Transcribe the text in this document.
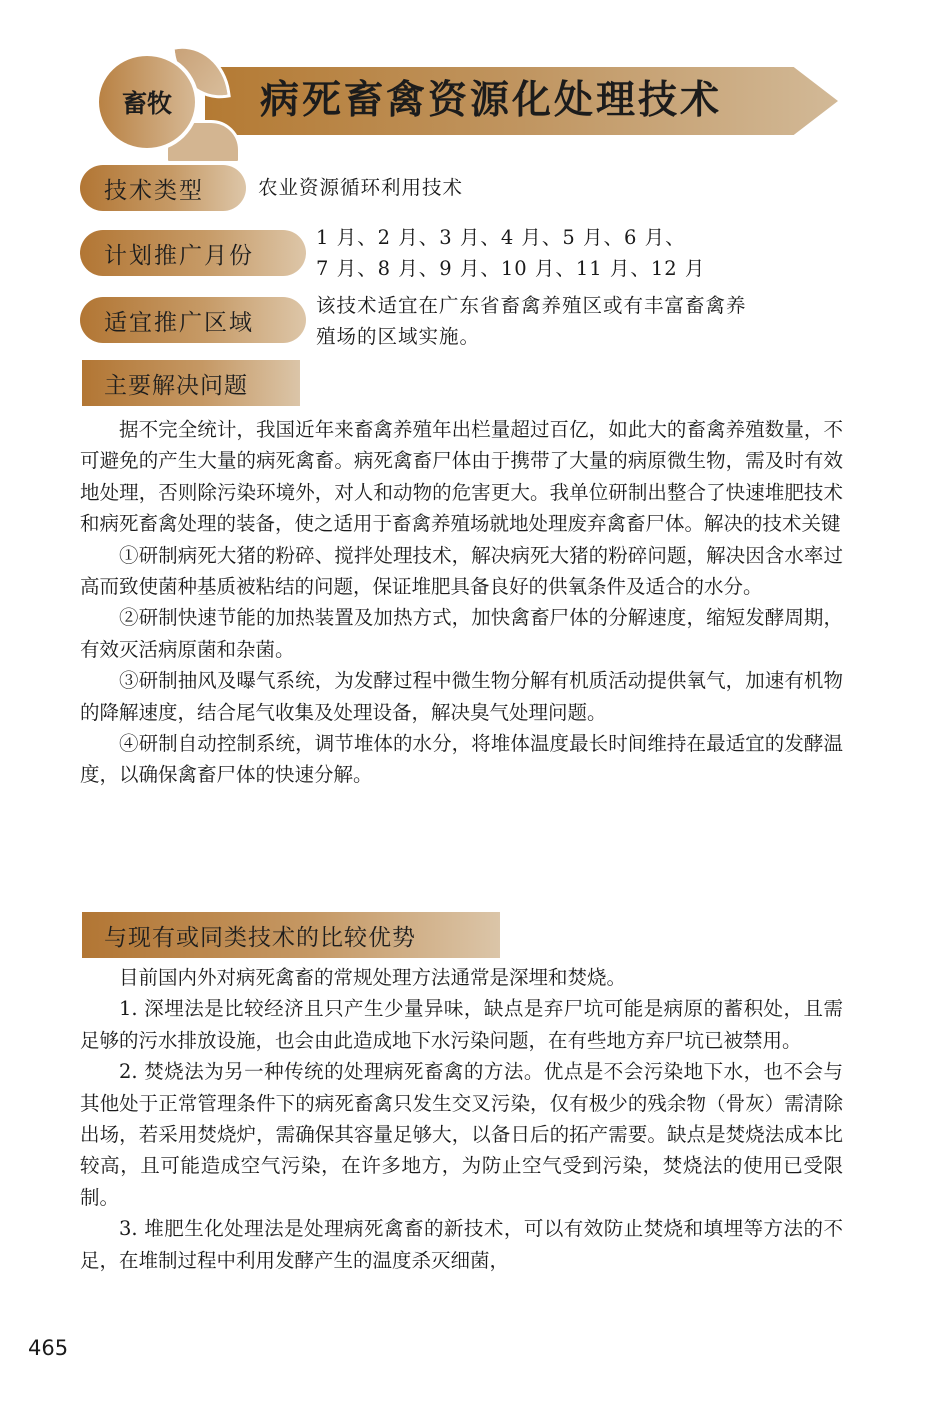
畜牧	病死畜禽资源化处理技术
技术类型	农业资源循环利用技术
计划推广月份
1 月、2 月、3 月、4 月、5 月、6 月、
7 月、8 月、9 月、10 月、11 月、12 月
适宜推广区域
该技术适宜在广东省畜禽养殖区或有丰富畜禽养
殖场的区域实施。
主要解决问题

据不完全统计，我国近年来畜禽养殖年出栏量超过百亿，如此大的畜禽养殖数量，不可避免的产生大量的病死禽畜。病死禽畜尸体由于携带了大量的病原微生物，需及时有效地处理，否则除污染环境外，对人和动物的危害更大。我单位研制出整合了快速堆肥技术和病死畜禽处理的装备，使之适用于畜禽养殖场就地处理废弃禽畜尸体。解决的技术关键

①研制病死大猪的粉碎、搅拌处理技术，解决病死大猪的粉碎问题，解决因含水率过高而致使菌种基质被粘结的问题，保证堆肥具备良好的供氧条件及适合的水分。

②研制快速节能的加热装置及加热方式，加快禽畜尸体的分解速度，缩短发酵周期，有效灭活病原菌和杂菌。

③研制抽风及曝气系统，为发酵过程中微生物分解有机质活动提供氧气，加速有机物的降解速度，结合尾气收集及处理设备，解决臭气处理问题。

④研制自动控制系统，调节堆体的水分，将堆体温度最长时间维持在最适宜的发酵温度，以确保禽畜尸体的快速分解。

与现有或同类技术的比较优势

目前国内外对病死禽畜的常规处理方法通常是深埋和焚烧。

1. 深埋法是比较经济且只产生少量异味，缺点是弃尸坑可能是病原的蓄积处，且需足够的污水排放设施，也会由此造成地下水污染问题，在有些地方弃尸坑已被禁用。

2. 焚烧法为另一种传统的处理病死畜禽的方法。优点是不会污染地下水，也不会与其他处于正常管理条件下的病死畜禽只发生交叉污染，仅有极少的残余物（骨灰）需清除出场，若采用焚烧炉，需确保其容量足够大，以备日后的拓产需要。缺点是焚烧法成本比较高，且可能造成空气污染，在许多地方，为防止空气受到污染，焚烧法的使用已受限制。

3. 堆肥生化处理法是处理病死禽畜的新技术，可以有效防止焚烧和填埋等方法的不足，在堆制过程中利用发酵产生的温度杀灭细菌，

465
